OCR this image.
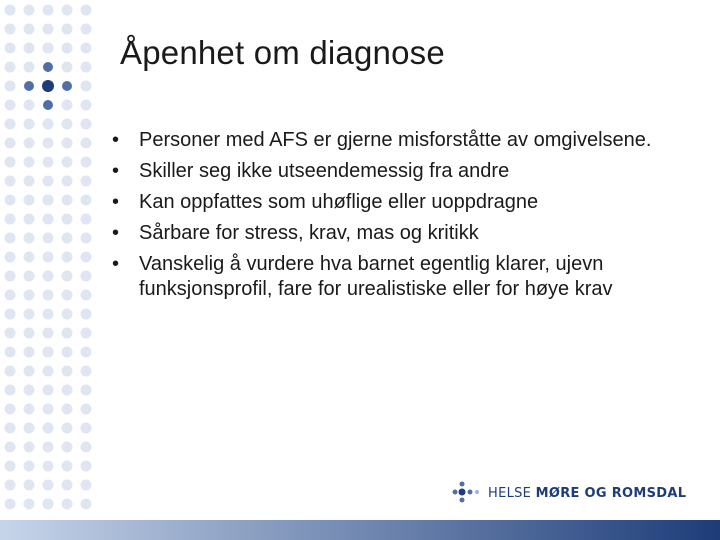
Åpenhet om diagnose
• Personer med AFS er gjerne misforståtte av omgivelsene.
• Skiller seg ikke utseendemessig fra andre
• Kan oppfattes som uhøflige eller uoppdragne
• Sårbare for stress, krav, mas og kritikk
• Vanskelig å vurdere hva barnet egentlig klarer, ujevn funksjonsprofil, fare for urealistiske eller for høye krav
HELSE MØRE OG ROMSDAL
